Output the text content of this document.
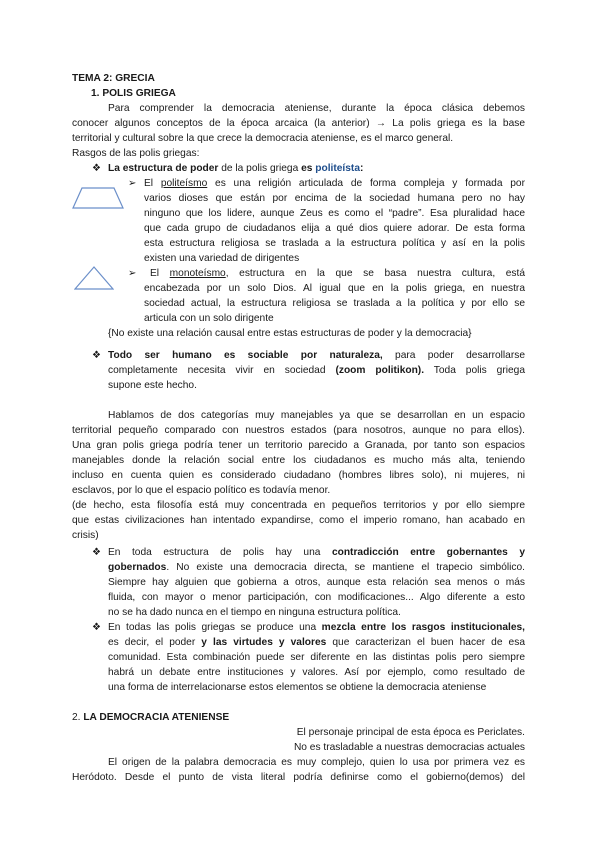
TEMA 2: GRECIA
1. POLIS GRIEGA
Para comprender la democracia ateniense, durante la época clásica debemos
conocer algunos conceptos de la época arcaica (la anterior) → La polis griega es la base
territorial y cultural sobre la que crece la democracia ateniense, es el marco general.
Rasgos de las polis griegas:
❖ La estructura de poder de la polis griega es politeísta:
➢ El politeísmo es una religión articulada de forma compleja y formada por
varios dioses que están por encima de la sociedad humana pero no hay
ninguno que los lidere, aunque Zeus es como el “padre”. Esa pluralidad hace
que cada grupo de ciudadanos elija a qué dios quiere adorar. De esta forma
esta estructura religiosa se traslada a la estructura política y así en la polis
existen una variedad de dirigentes
➢ El monoteísmo, estructura en la que se basa nuestra cultura, está
encabezada por un solo Dios. Al igual que en la polis griega, en nuestra
sociedad actual, la estructura religiosa se traslada a la política y por ello se
articula con un solo dirigente
{No existe una relación causal entre estas estructuras de poder y la democracia}
❖ Todo ser humano es sociable por naturaleza, para poder desarrollarse
completamente necesita vivir en sociedad (zoom politikon). Toda polis griega
supone este hecho.
Hablamos de dos categorías muy manejables ya que se desarrollan en un espacio
territorial pequeño comparado con nuestros estados (para nosotros, aunque no para ellos).
Una gran polis griega podría tener un territorio parecido a Granada, por tanto son espacios
manejables donde la relación social entre los ciudadanos es mucho más alta, teniendo
incluso en cuenta quien es considerado ciudadano (hombres libres solo), ni mujeres, ni
esclavos, por lo que el espacio político es todavía menor.
(de hecho, esta filosofía está muy concentrada en pequeños territorios y por ello siempre
que estas civilizaciones han intentado expandirse, como el imperio romano, han acabado en
crisis)
❖ En toda estructura de polis hay una contradicción entre gobernantes y
gobernados. No existe una democracia directa, se mantiene el trapecio simbólico.
Siempre hay alguien que gobierna a otros, aunque esta relación sea menos o más
fluida, con mayor o menor participación, con modificaciones... Algo diferente a esto
no se ha dado nunca en el tiempo en ninguna estructura política.
❖ En todas las polis griegas se produce una mezcla entre los rasgos institucionales,
es decir, el poder y las virtudes y valores que caracterizan el buen hacer de esa
comunidad. Esta combinación puede ser diferente en las distintas polis pero siempre
habrá un debate entre instituciones y valores. Así por ejemplo, como resultado de
una forma de interrelacionarse estos elementos se obtiene la democracia ateniense
2. LA DEMOCRACIA ATENIENSE
El personaje principal de esta época es Periclates.
No es trasladable a nuestras democracias actuales
El origen de la palabra democracia es muy complejo, quien lo usa por primera vez es
Heródoto. Desde el punto de vista literal podría definirse como el gobierno(demos) del
